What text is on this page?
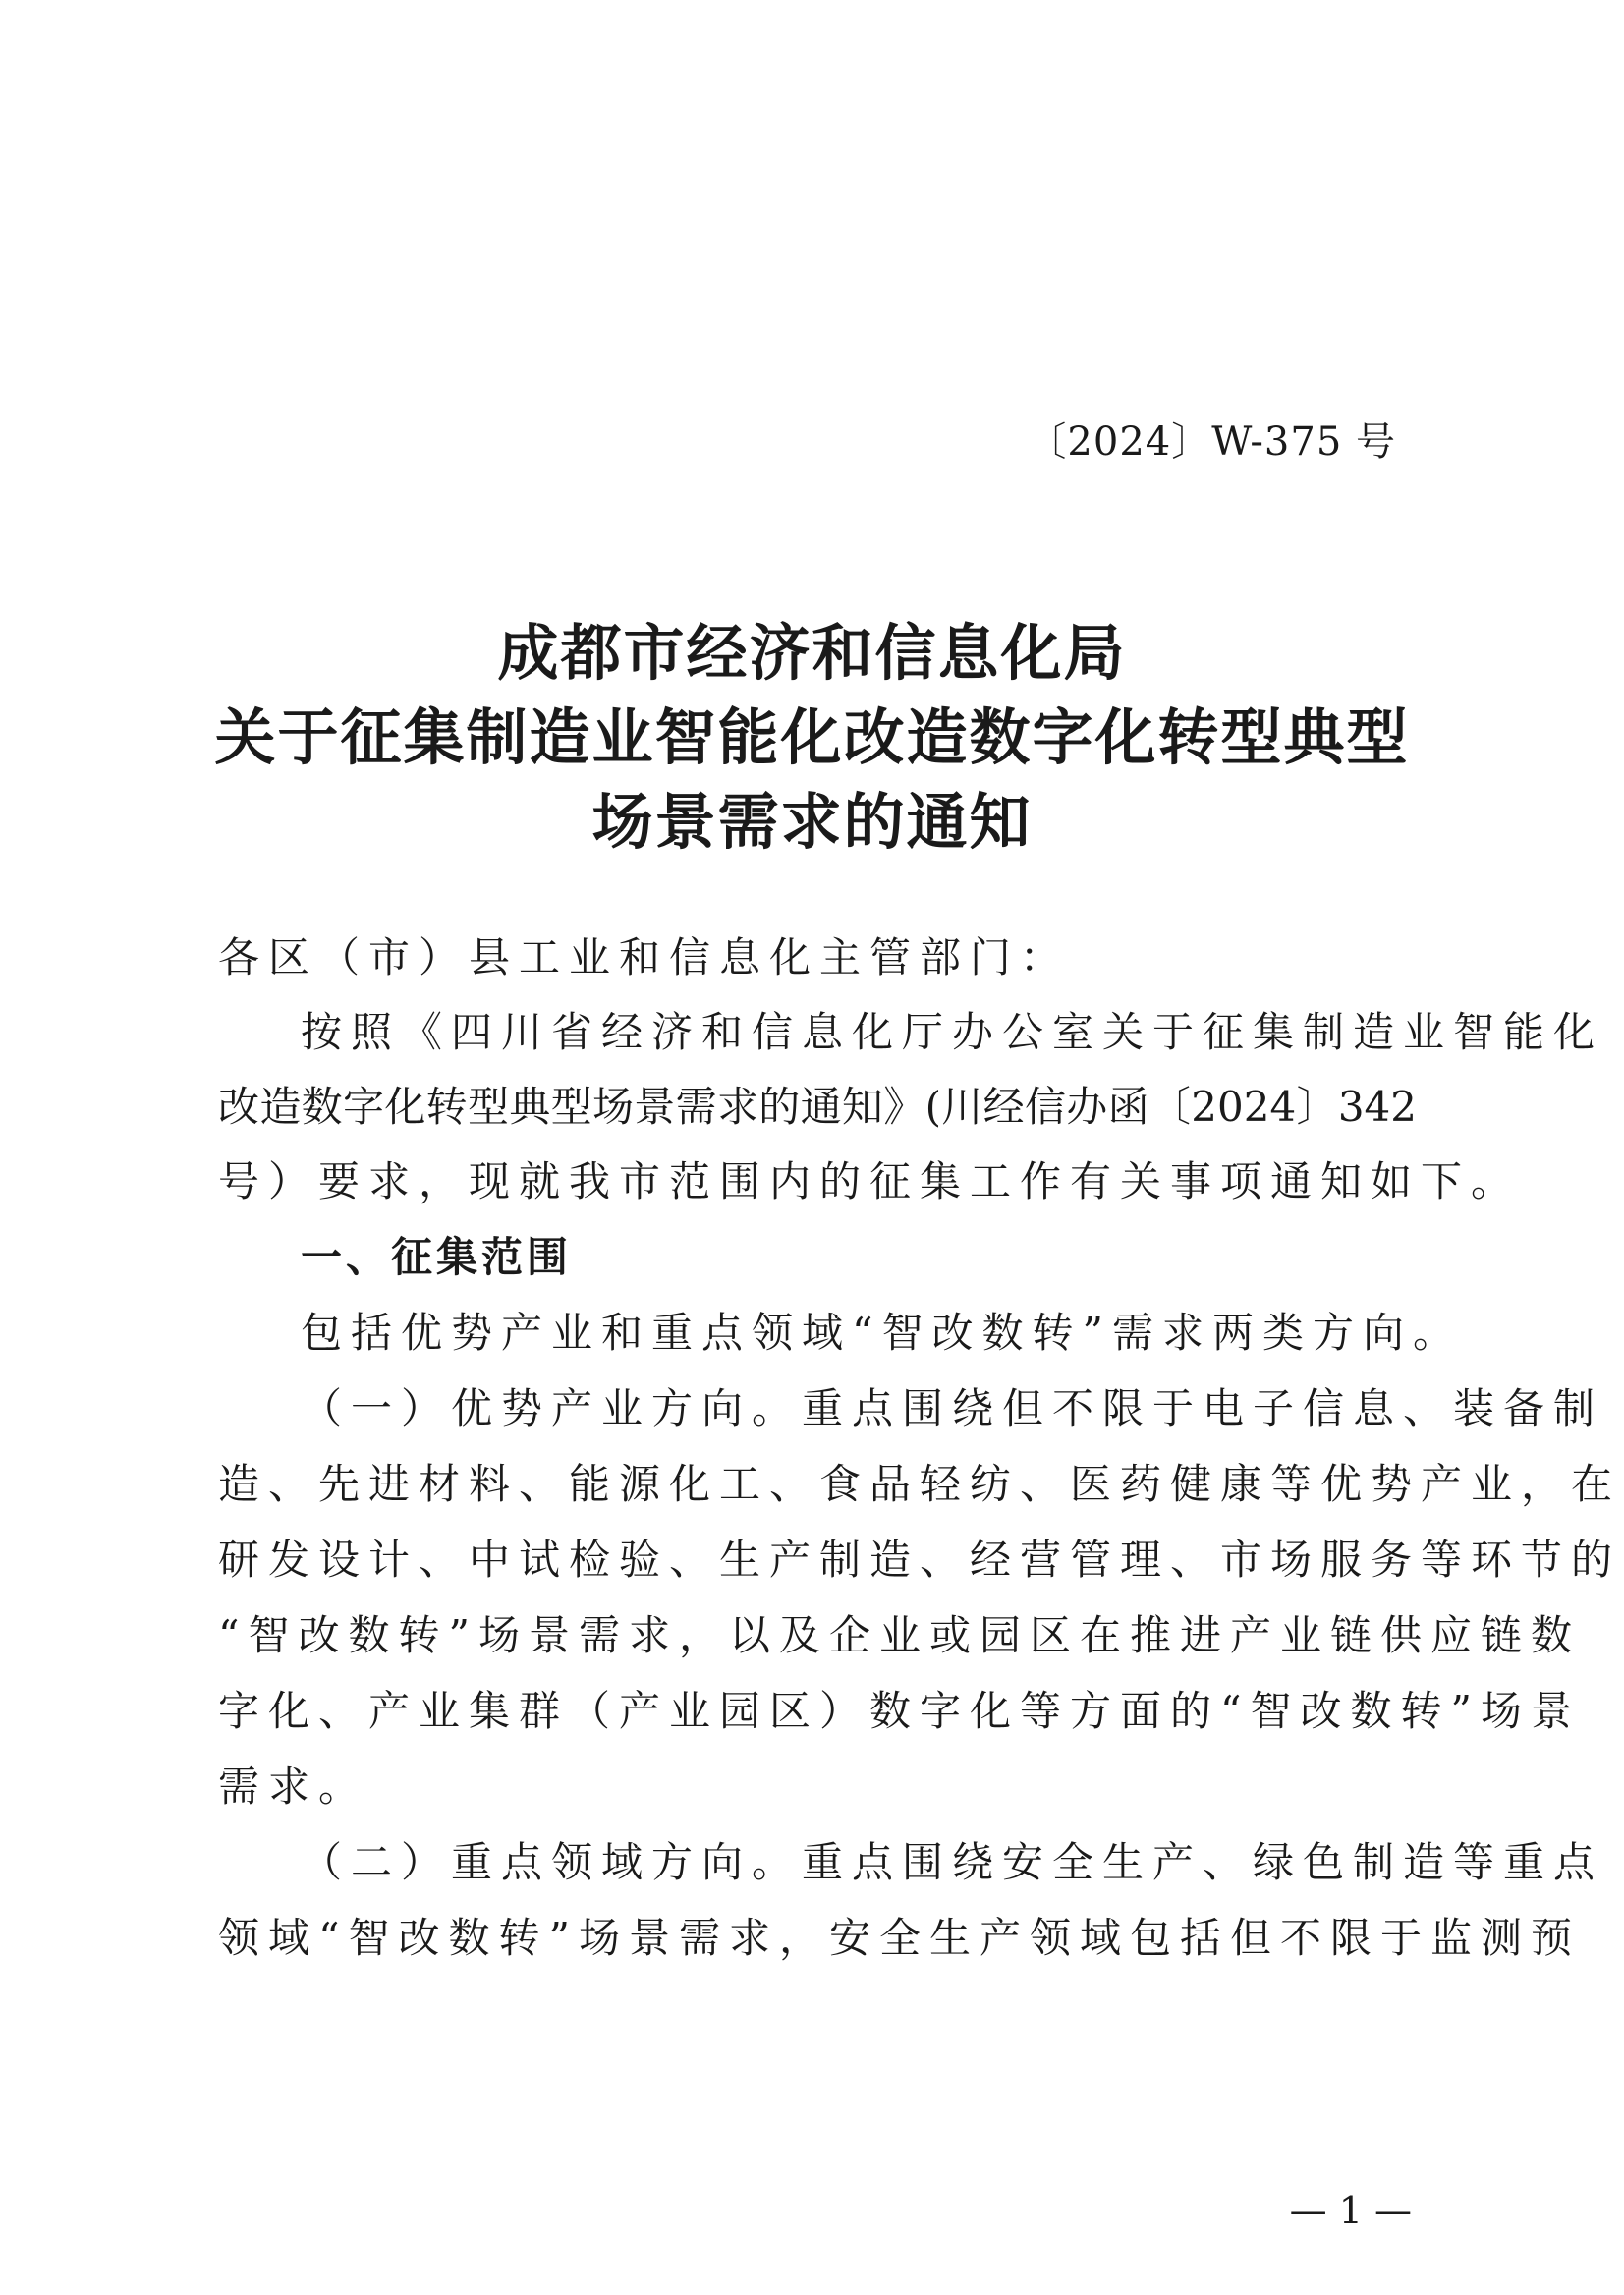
〔2024〕W-375 号
成都市经济和信息化局
关于征集制造业智能化改造数字化转型典型
场景需求的通知
各区（市）县工业和信息化主管部门：
按照《四川省经济和信息化厅办公室关于征集制造业智能化
改造数字化转型典型场景需求的通知》(川经信办函〔2024〕342
号）要求，现就我市范围内的征集工作有关事项通知如下。
一、征集范围
包括优势产业和重点领域“智改数转”需求两类方向。
（一）优势产业方向。重点围绕但不限于电子信息、装备制
造、先进材料、能源化工、食品轻纺、医药健康等优势产业，在
研发设计、中试检验、生产制造、经营管理、市场服务等环节的
“智改数转”场景需求，以及企业或园区在推进产业链供应链数
字化、产业集群（产业园区）数字化等方面的“智改数转”场景
需求。
（二）重点领域方向。重点围绕安全生产、绿色制造等重点
领域“智改数转”场景需求，安全生产领域包括但不限于监测预
— 1 —
